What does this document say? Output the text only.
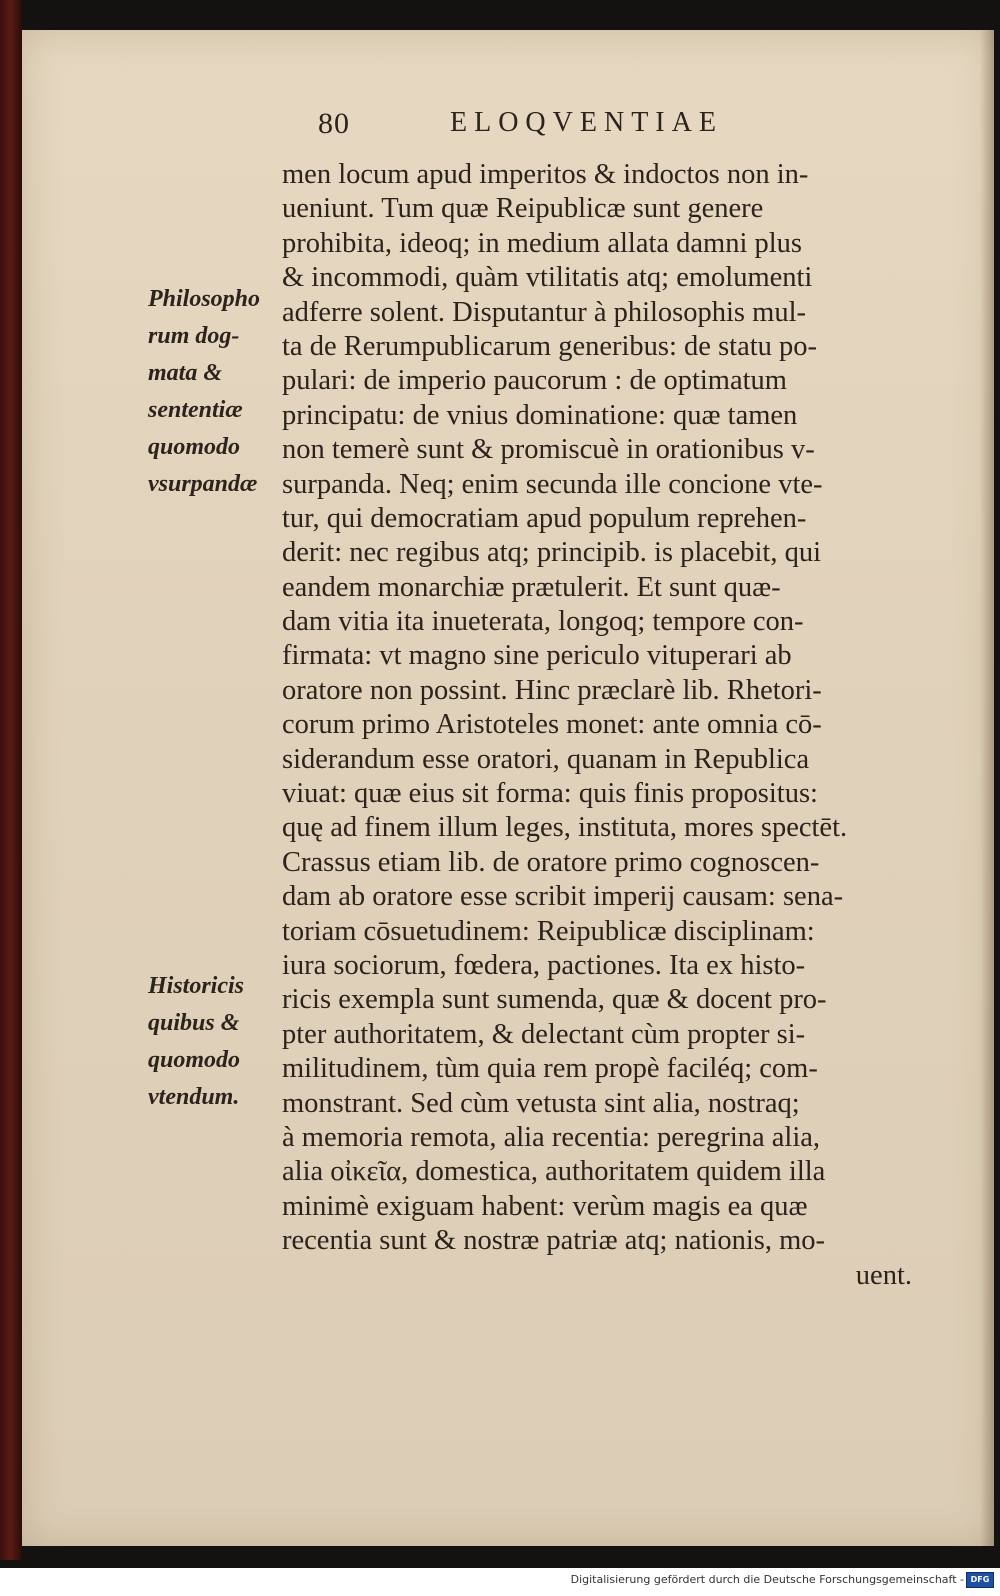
80	ELOQVENTIAE
men locum apud imperitos & indoctos non in-
ueniunt. Tum quæ Reipublicæ sunt genere
prohibita, ideoq; in medium allata damni plus
& incommodi, quàm vtilitatis atq; emolumenti
adferre solent. Disputantur à philosophis mul-
ta de Rerumpublicarum generibus: de statu po-
pulari: de imperio paucorum : de optimatum
principatu: de vnius dominatione: quæ tamen
non temerè sunt & promiscuè in orationibus v-
surpanda. Neq; enim secunda ille concione vte-
tur, qui democratiam apud populum reprehen-
derit: nec regibus atq; principib. is placebit, qui
eandem monarchiæ prætulerit. Et sunt quæ-
dam vitia ita inueterata, longoq; tempore con-
firmata: vt magno sine periculo vituperari ab
oratore non possint. Hinc præclarè lib. Rhetori-
corum primo Aristoteles monet: ante omnia cō-
siderandum esse oratori, quanam in Republica
viuat: quæ eius sit forma: quis finis propositus:
quę ad finem illum leges, instituta, mores spectēt.
Crassus etiam lib. de oratore primo cognoscen-
dam ab oratore esse scribit imperij causam: sena-
toriam cōsuetudinem: Reipublicæ disciplinam:
iura sociorum, fœdera, pactiones. Ita ex histo-
ricis exempla sunt sumenda, quæ & docent pro-
pter authoritatem, & delectant cùm propter si-
militudinem, tùm quia rem propè faciléq; com-
monstrant. Sed cùm vetusta sint alia, nostraq;
à memoria remota, alia recentia: peregrina alia,
alia οἰκεῖα, domestica, authoritatem quidem illa
minimè exiguam habent: verùm magis ea quæ
recentia sunt & nostræ patriæ atq; nationis, mo-
uent.
Philosopho
rum dog-
mata &
sententiæ
quomodo
vsurpandæ
Historicis
quibus &
quomodo
vtendum.
Digitalisierung gefördert durch die Deutsche Forschungsgemeinschaft - DFG
